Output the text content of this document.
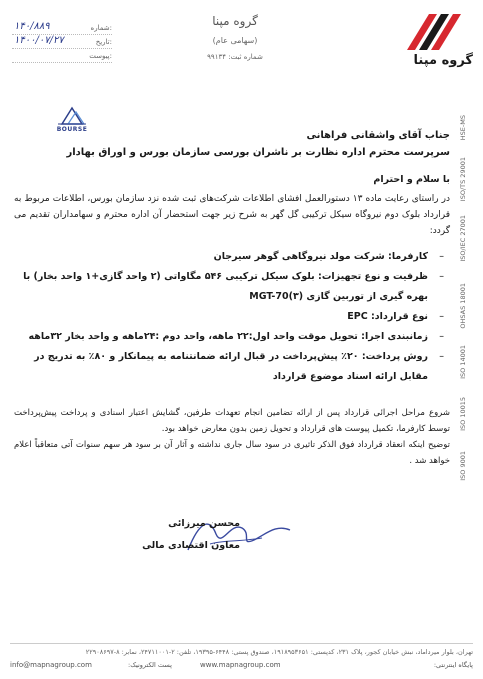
شماره:
۱۴۰/۸۸۹
تاریخ:
۱۴۰۰/۰۷/۲۷
پیوست:
گروه مپنا
(سهامی عام)
شماره ثبت: ۹۹۱۳۴	گروه مپنا
BOURSE
ISO 9001
ISO 10015
ISO 14001
OHSAS 18001
ISO/IEC 27001
ISO/TS 29001
HSE-MS
جناب آقای واشقانی فراهانی
سرپرست محترم اداره نظارت بر ناشران بورسی سازمان بورس و اوراق بهادار
با سلام و احترام
در راستای رعایت ماده ۱۳ دستورالعمل افشای اطلاعات شرکت‌های ثبت شده نزد سازمان بورس، اطلاعات مربوط به قرارداد بلوک دوم نیروگاه سیکل ترکیبی گل گهر به شرح زیر جهت استحضار آن اداره محترم و سهامداران تقدیم می گردد:
–
کارفرما: شرکت مولد نیروگاهی گوهر سیرجان
–
ظرفیت و نوع تجهیزات: بلوک سیکل ترکیبی ۵۴۶ مگاواتی (۲ واحد گازی+۱ واحد بخار) با بهره گیری از توربین گازی (۳)MGT-70
–
نوع قرارداد: EPC
–
زمانبندی اجرا: تحویل موقت واحد اول:۲۲ ماهه، واحد دوم :۲۴ماهه و واحد بخار ۳۲ماهه
–
روش پرداخت: ۲۰٪ پیش‌پرداخت در قبال ارائه ضمانتنامه به پیمانکار و ۸۰٪ به تدریج در مقابل ارائه اسناد موضوع قرارداد

شروع مراحل اجرائی قرارداد پس از ارائه تضامین انجام تعهدات طرفین، گشایش اعتبار اسنادی و پرداخت پیش‌پرداخت توسط کارفرما، تکمیل پیوست های قرارداد و تحویل زمین بدون معارض خواهد بود.

توضیح اینکه انعقاد قرارداد فوق الذکر تاثیری در سود سال جاری نداشته و آثار آن بر سود هر سهم سنوات آتی متعاقباً اعلام خواهد شد .

محسن میرزائی
معاون اقتصادی مالی
تهران، بلوار میرداماد، نبش خیابان کجور، پلاک ۲۳۱، کدپستی: ۱۹۱۸۹۵۳۶۵۱، صندوق پستی: ۶۴۴۸-۱۹۳۹۵، تلفن: ۲-۲۴۷۱۱۰۰۱، نمابر: ۸-۲۲۹۰۸۶۹۷
info@mapnagroup.com	پست الکترونیک:	www.mapnagroup.com	پایگاه اینترنتی:
